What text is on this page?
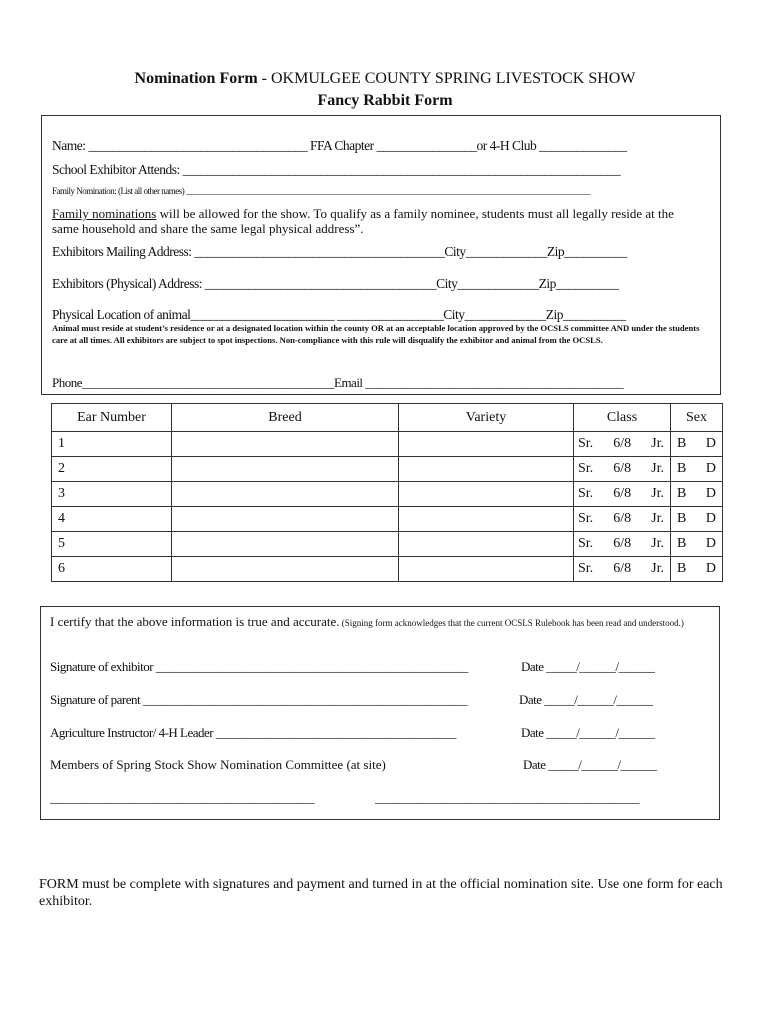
Nomination Form - OKMULGEE COUNTY SPRING LIVESTOCK SHOW
Fancy Rabbit Form
Name: ___________________________________ FFA Chapter ________________or 4-H Club ______________
School Exhibitor Attends: ______________________________________________________________________
Family Nomination: (List all other names) _____________________________________________________________________________________________________
Family nominations will be allowed for the show. To qualify as a family nominee, students must all legally reside at the same household and share the same legal physical address”.
Exhibitors Mailing Address: ________________________________________City_____________Zip__________
Exhibitors (Physical) Address: _____________________________________City_____________Zip__________
Physical Location of animal_______________________ _________________City_____________Zip__________
Animal must reside at student’s residence or at a designated location within the county OR at an acceptable location approved by the OCSLS committee AND under the students care at all times. All exhibitors are subject to spot inspections. Non-compliance with this rule will disqualify the exhibitor and animal from the OCSLS.
Phone__________________________________________Email ___________________________________________
Ear Number	Breed	Variety	Class	Sex
1			Sr. 6/8 Jr.	B D

2			Sr. 6/8 Jr.	B D

3			Sr. 6/8 Jr.	B D

4			Sr. 6/8 Jr.	B D

5			Sr. 6/8 Jr.	B D

6			Sr. 6/8 Jr.	B D
I certify that the above information is true and accurate. (Signing form acknowledges that the current OCSLS Rulebook has been read and understood.)
Signature of exhibitor ____________________________________________________	Date _____/______/______
Signature of parent ______________________________________________________	Date _____/______/______
Agriculture Instructor/ 4-H Leader ________________________________________	Date _____/______/______
Members of Spring Stock Show Nomination Committee (at site)	Date _____/______/______
____________________________________________	____________________________________________
FORM must be complete with signatures and payment and turned in at the official nomination site. Use one form for each exhibitor.
